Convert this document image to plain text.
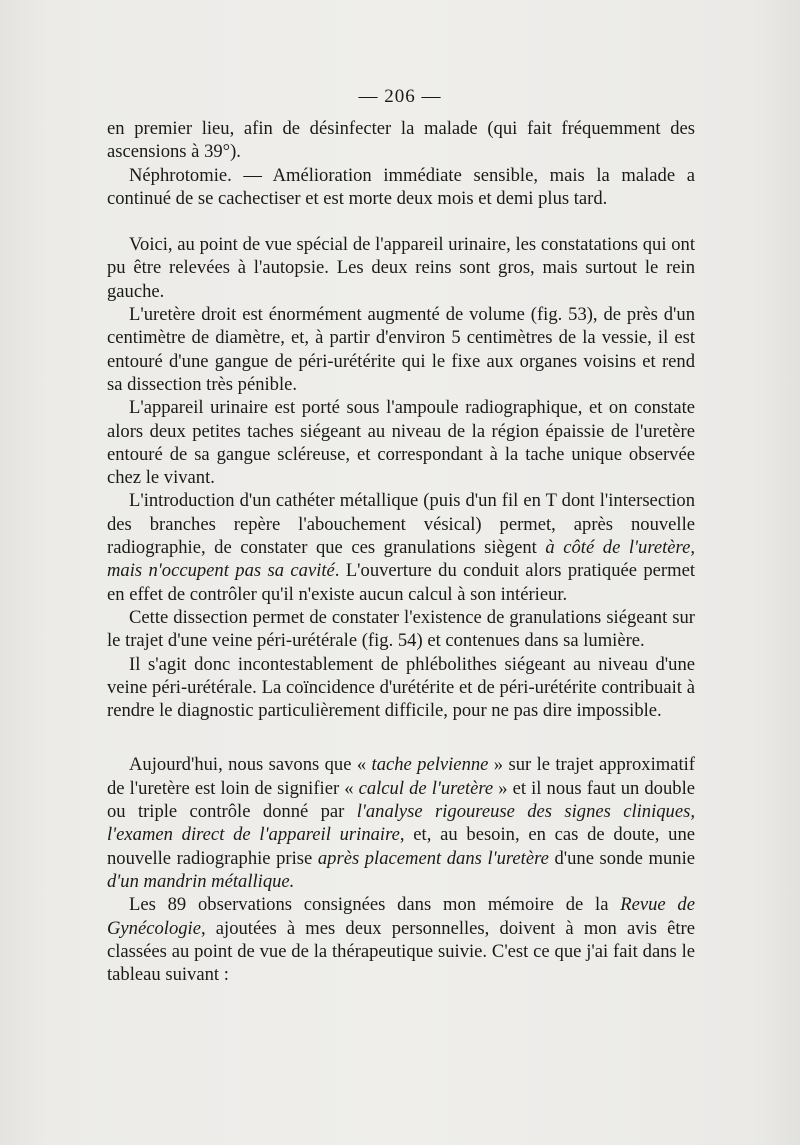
— 206 —

en premier lieu, afin de désinfecter la malade (qui fait fréquemment des ascensions à 39°).

Néphrotomie. — Amélioration immédiate sensible, mais la malade a continué de se cachectiser et est morte deux mois et demi plus tard.

Voici, au point de vue spécial de l'appareil urinaire, les constatations qui ont pu être relevées à l'autopsie. Les deux reins sont gros, mais surtout le rein gauche.

L'uretère droit est énormément augmenté de volume (fig. 53), de près d'un centimètre de diamètre, et, à partir d'environ 5 centimètres de la vessie, il est entouré d'une gangue de péri-urétérite qui le fixe aux organes voisins et rend sa dissection très pénible.

L'appareil urinaire est porté sous l'ampoule radiographique, et on constate alors deux petites taches siégeant au niveau de la région épaissie de l'uretère entouré de sa gangue scléreuse, et correspondant à la tache unique observée chez le vivant.

L'introduction d'un cathéter métallique (puis d'un fil en T dont l'intersection des branches repère l'abouchement vésical) permet, après nouvelle radiographie, de constater que ces granulations siègent à côté de l'uretère, mais n'occupent pas sa cavité. L'ouverture du conduit alors pratiquée permet en effet de contrôler qu'il n'existe aucun calcul à son intérieur.

Cette dissection permet de constater l'existence de granulations siégeant sur le trajet d'une veine péri-urétérale (fig. 54) et contenues dans sa lumière.

Il s'agit donc incontestablement de phlébolithes siégeant au niveau d'une veine péri-urétérale. La coïncidence d'urétérite et de péri-urétérite contribuait à rendre le diagnostic particulièrement difficile, pour ne pas dire impossible.

Aujourd'hui, nous savons que « tache pelvienne » sur le trajet approximatif de l'uretère est loin de signifier « calcul de l'uretère » et il nous faut un double ou triple contrôle donné par l'analyse rigoureuse des signes cliniques, l'examen direct de l'appareil urinaire, et, au besoin, en cas de doute, une nouvelle radiographie prise après placement dans l'uretère d'une sonde munie d'un mandrin métallique.

Les 89 observations consignées dans mon mémoire de la Revue de Gynécologie, ajoutées à mes deux personnelles, doivent à mon avis être classées au point de vue de la thérapeutique suivie. C'est ce que j'ai fait dans le tableau suivant :
